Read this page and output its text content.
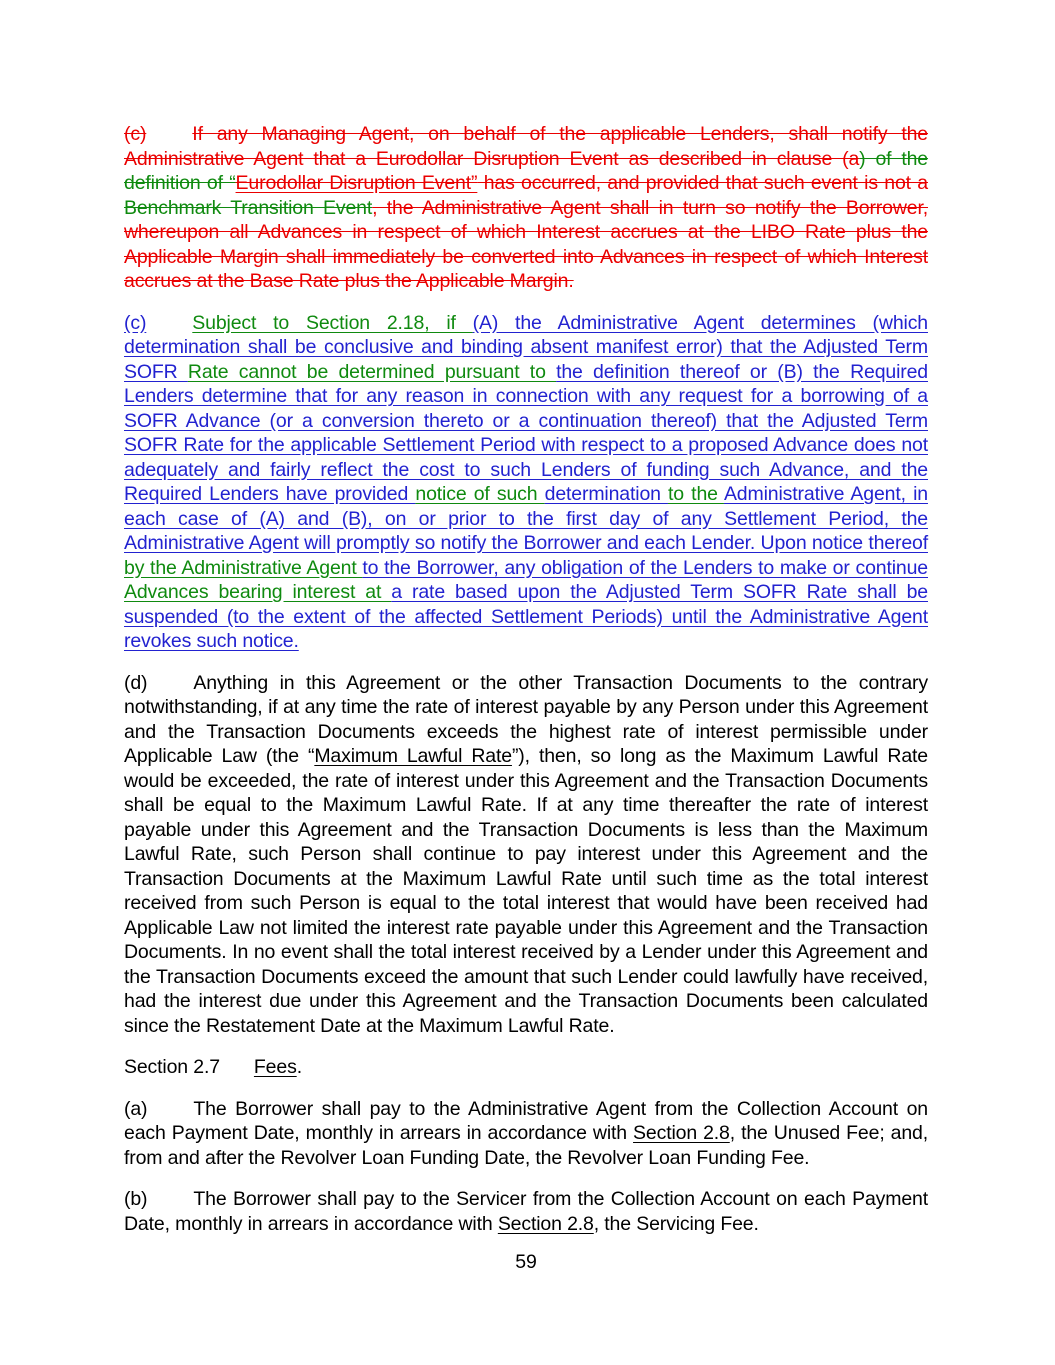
(c) If any Managing Agent, on behalf of the applicable Lenders, shall notify the Administrative Agent that a Eurodollar Disruption Event as described in clause (a) of the definition of “Eurodollar Disruption Event” has occurred, and provided that such event is not a Benchmark Transition Event, the Administrative Agent shall in turn so notify the Borrower, whereupon all Advances in respect of which Interest accrues at the LIBO Rate plus the Applicable Margin shall immediately be converted into Advances in respect of which Interest accrues at the Base Rate plus the Applicable Margin.

(c) Subject to Section 2.18, if (A) the Administrative Agent determines (which determination shall be conclusive and binding absent manifest error) that the Adjusted Term SOFR Rate cannot be determined pursuant to the definition thereof or (B) the Required Lenders determine that for any reason in connection with any request for a borrowing of a SOFR Advance (or a conversion thereto or a continuation thereof) that the Adjusted Term SOFR Rate for the applicable Settlement Period with respect to a proposed Advance does not adequately and fairly reflect the cost to such Lenders of funding such Advance, and the Required Lenders have provided notice of such determination to the Administrative Agent, in each case of (A) and (B), on or prior to the first day of any Settlement Period, the Administrative Agent will promptly so notify the Borrower and each Lender. Upon notice thereof by the Administrative Agent to the Borrower, any obligation of the Lenders to make or continue Advances bearing interest at a rate based upon the Adjusted Term SOFR Rate shall be suspended (to the extent of the affected Settlement Periods) until the Administrative Agent revokes such notice.

(d) Anything in this Agreement or the other Transaction Documents to the contrary notwithstanding, if at any time the rate of interest payable by any Person under this Agreement and the Transaction Documents exceeds the highest rate of interest permissible under Applicable Law (the “Maximum Lawful Rate”), then, so long as the Maximum Lawful Rate would be exceeded, the rate of interest under this Agreement and the Transaction Documents shall be equal to the Maximum Lawful Rate. If at any time thereafter the rate of interest payable under this Agreement and the Transaction Documents is less than the Maximum Lawful Rate, such Person shall continue to pay interest under this Agreement and the Transaction Documents at the Maximum Lawful Rate until such time as the total interest received from such Person is equal to the total interest that would have been received had Applicable Law not limited the interest rate payable under this Agreement and the Transaction Documents. In no event shall the total interest received by a Lender under this Agreement and the Transaction Documents exceed the amount that such Lender could lawfully have received, had the interest due under this Agreement and the Transaction Documents been calculated since the Restatement Date at the Maximum Lawful Rate.

Section 2.7 Fees.

(a) The Borrower shall pay to the Administrative Agent from the Collection Account on each Payment Date, monthly in arrears in accordance with Section 2.8, the Unused Fee; and, from and after the Revolver Loan Funding Date, the Revolver Loan Funding Fee.

(b) The Borrower shall pay to the Servicer from the Collection Account on each Payment Date, monthly in arrears in accordance with Section 2.8, the Servicing Fee.

59
